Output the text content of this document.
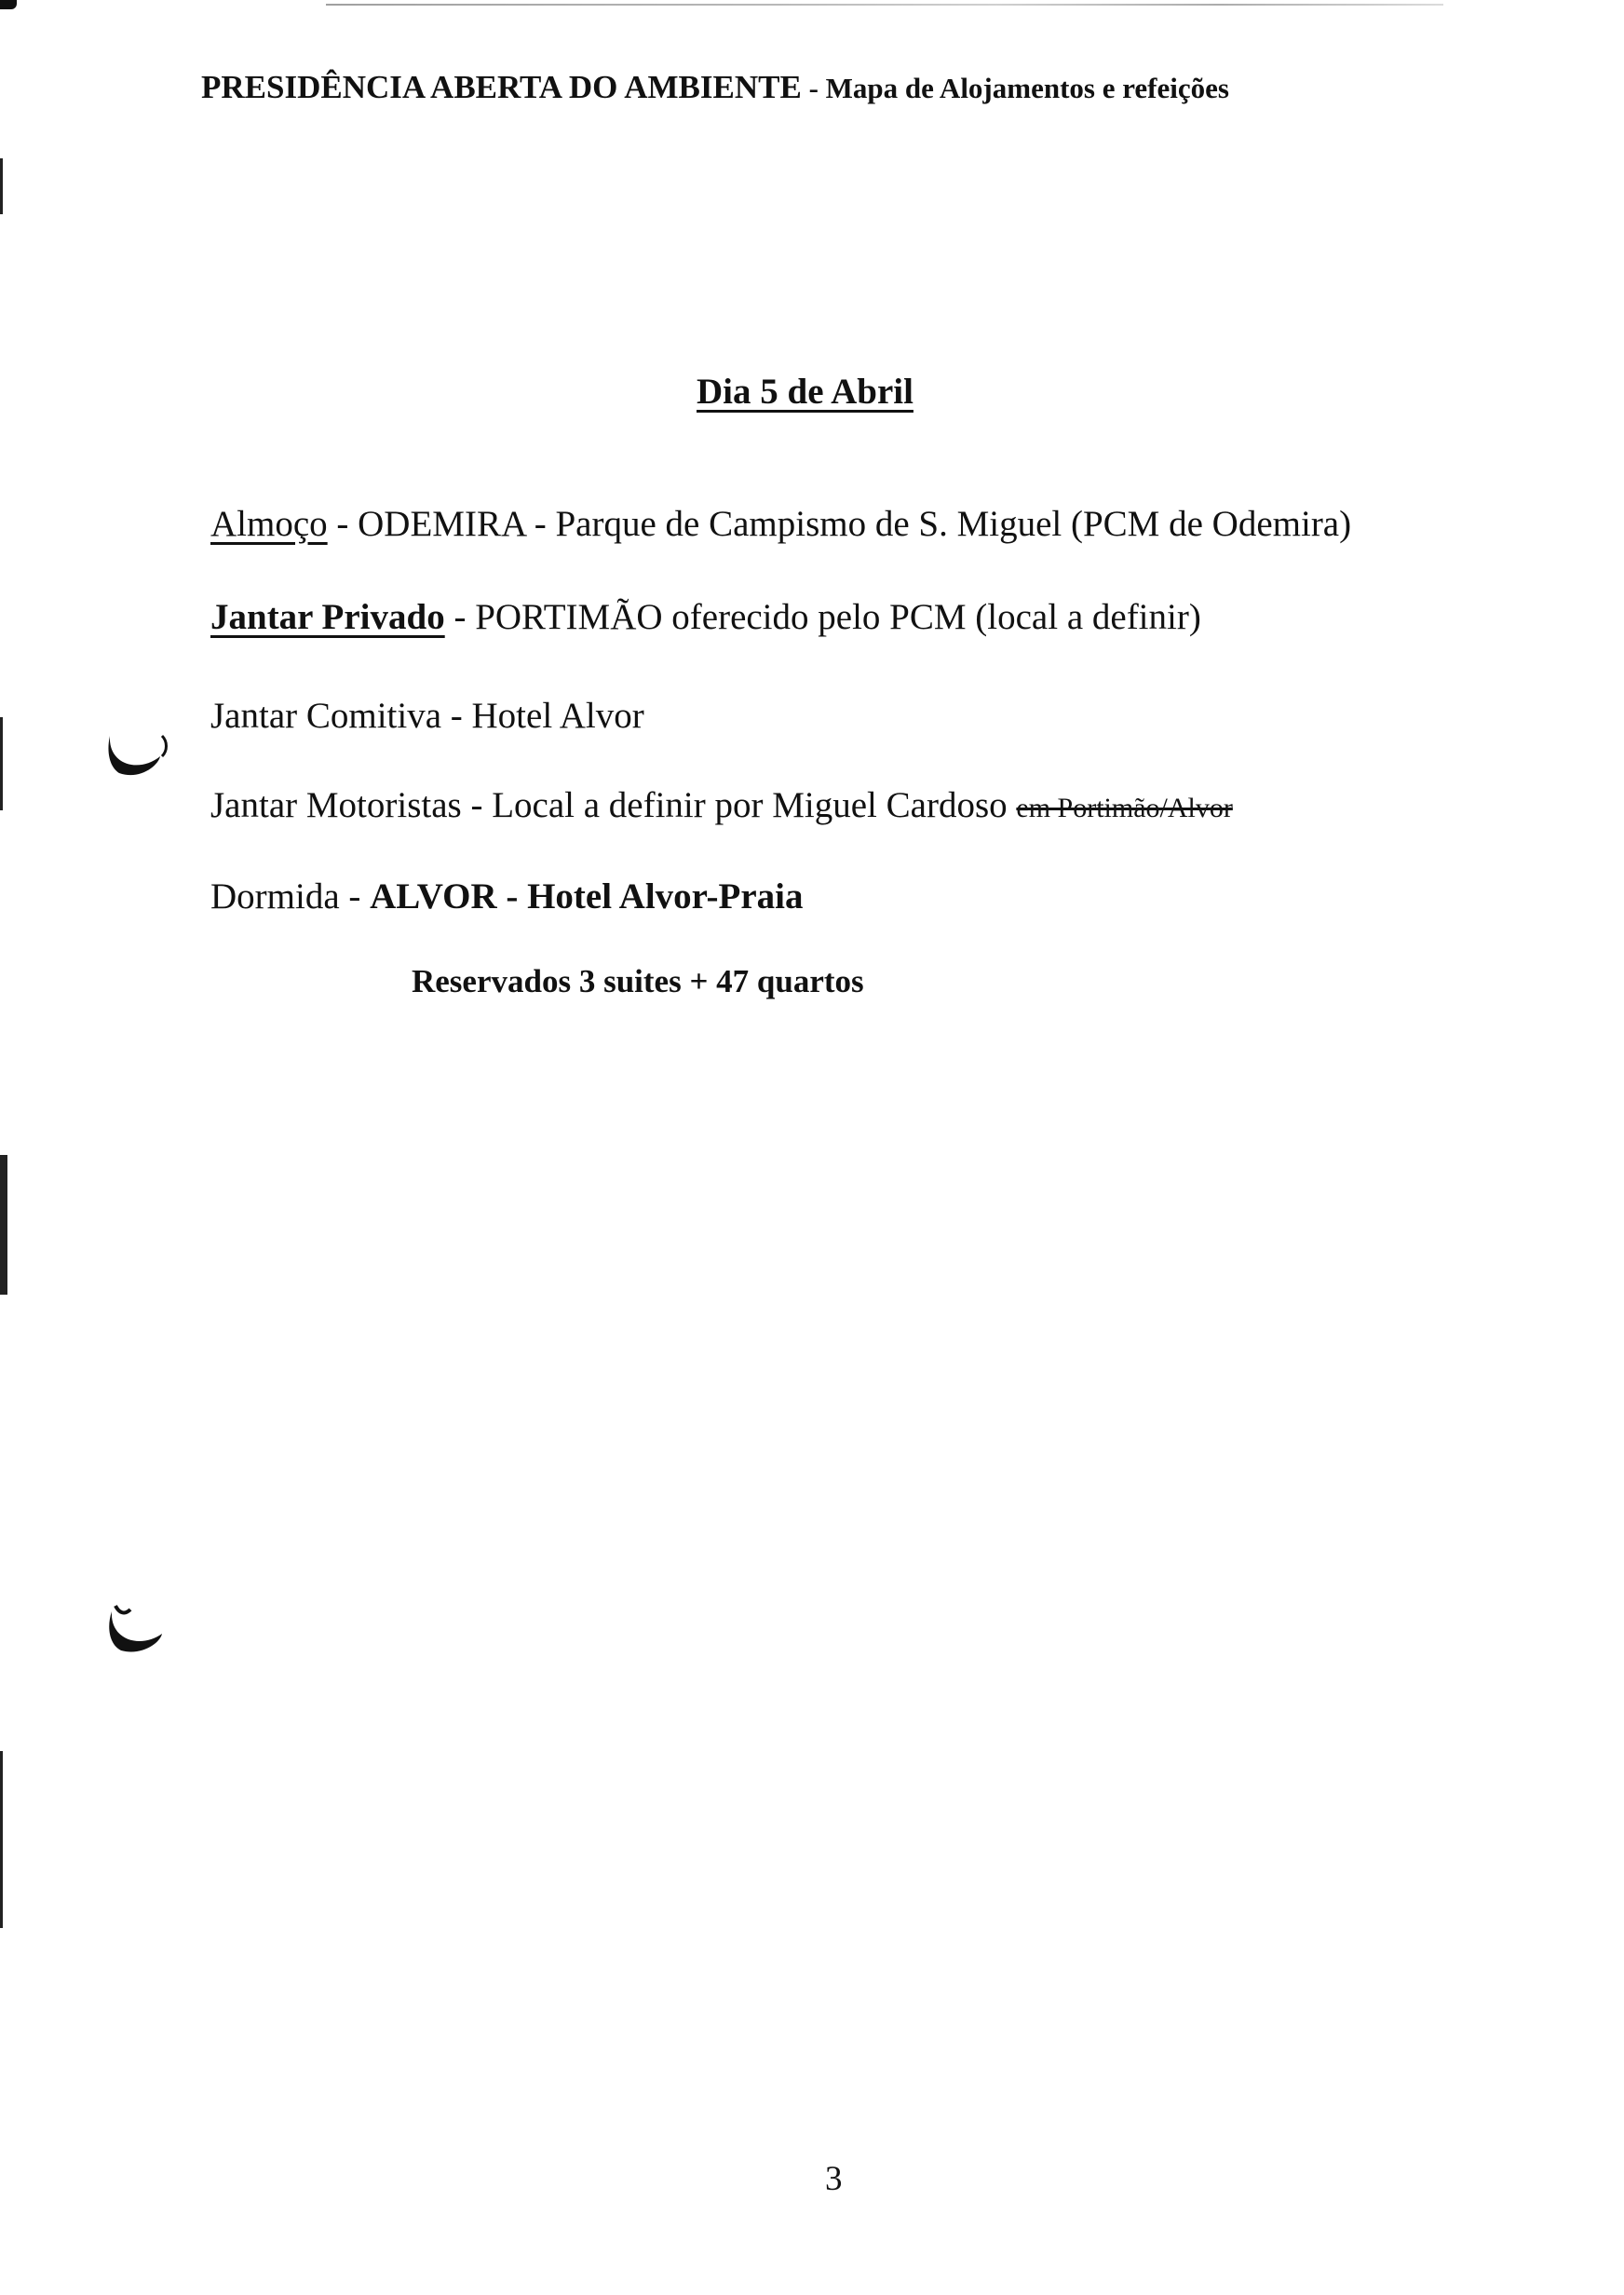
PRESIDÊNCIA ABERTA DO AMBIENTE - Mapa de Alojamentos e refeições
Dia 5 de Abril
Almoço - ODEMIRA - Parque de Campismo de S. Miguel (PCM de Odemira)
Jantar Privado - PORTIMÃO oferecido pelo PCM (local a definir)
Jantar Comitiva - Hotel Alvor
Jantar Motoristas - Local a definir por Miguel Cardoso em Portimão/Alvor
Dormida - ALVOR - Hotel Alvor-Praia
Reservados 3 suites + 47 quartos
3
